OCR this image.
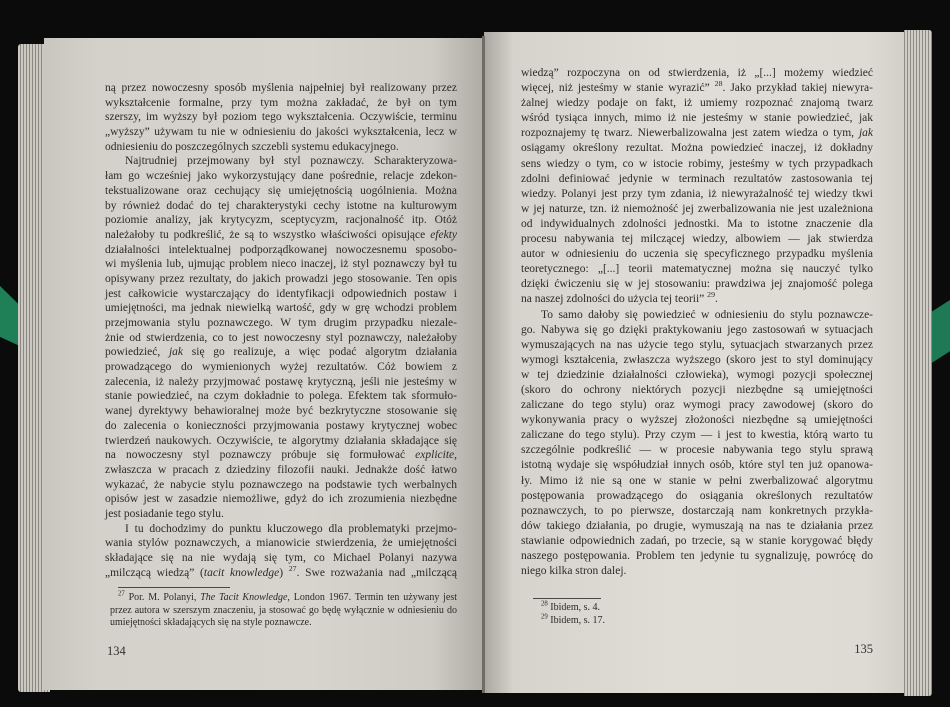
ną przez nowoczesny sposób myślenia najpełniej był realizowany przez
wykształcenie formalne, przy tym można zakładać, że był on tym
szerszy, im wyższy był poziom tego wykształcenia. Oczywiście, terminu
„wyższy” używam tu nie w odniesieniu do jakości wykształcenia, lecz w
odniesieniu do poszczególnych szczebli systemu edukacyjnego.
Najtrudniej przejmowany był styl poznawczy. Scharakteryzowa-
łam go wcześniej jako wykorzystujący dane pośrednie, relacje zdekon-
tekstualizowane oraz cechujący się umiejętnością uogólnienia. Można
by również dodać do tej charakterystyki cechy istotne na kulturowym
poziomie analizy, jak krytycyzm, sceptycyzm, racjonalność itp. Otóż
należałoby tu podkreślić, że są to wszystko właściwości opisujące efekty
działalności intelektualnej podporządkowanej nowoczesnemu sposobo-
wi myślenia lub, ujmując problem nieco inaczej, iż styl poznawczy był tu
opisywany przez rezultaty, do jakich prowadzi jego stosowanie. Ten opis
jest całkowicie wystarczający do identyfikacji odpowiednich postaw i
umiejętności, ma jednak niewielką wartość, gdy w grę wchodzi problem
przejmowania stylu poznawczego. W tym drugim przypadku niezale-
żnie od stwierdzenia, co to jest nowoczesny styl poznawczy, należałoby
powiedzieć, jak się go realizuje, a więc podać algorytm działania
prowadzącego do wymienionych wyżej rezultatów. Cóż bowiem z
zalecenia, iż należy przyjmować postawę krytyczną, jeśli nie jesteśmy w
stanie powiedzieć, na czym dokładnie to polega. Efektem tak sformuło-
wanej dyrektywy behawioralnej może być bezkrytyczne stosowanie się
do zalecenia o konieczności przyjmowania postawy krytycznej wobec
twierdzeń naukowych. Oczywiście, te algorytmy działania składające się
na nowoczesny styl poznawczy próbuje się formułować explicite,
zwłaszcza w pracach z dziedziny filozofii nauki. Jednakże dość łatwo
wykazać, że nabycie stylu poznawczego na podstawie tych werbalnych
opisów jest w zasadzie niemożliwe, gdyż do ich zrozumienia niezbędne
jest posiadanie tego stylu.
I tu dochodzimy do punktu kluczowego dla problematyki przejmo-
wania stylów poznawczych, a mianowicie stwierdzenia, że umiejętności
składające się na nie wydają się tym, co Michael Polanyi nazywa
„milczącą wiedzą” (tacit knowledge) $^{27}$. Swe rozważania nad „milczącą
$^{27}$ Por. M. Polanyi, The Tacit Knowledge, London 1967. Termin ten używany jest
przez autora w szerszym znaczeniu, ja stosować go będę wyłącznie w odniesieniu do
umiejętności składających się na style poznawcze.
134
wiedzą” rozpoczyna on od stwierdzenia, iż „[...] możemy wiedzieć
więcej, niż jesteśmy w stanie wyrazić” $^{28}$. Jako przykład takiej niewyra-
żalnej wiedzy podaje on fakt, iż umiemy rozpoznać znajomą twarz
wśród tysiąca innych, mimo iż nie jesteśmy w stanie powiedzieć, jak
rozpoznajemy tę twarz. Niewerbalizowalna jest zatem wiedza o tym, jak
osiągamy określony rezultat. Można powiedzieć inaczej, iż dokładny
sens wiedzy o tym, co w istocie robimy, jesteśmy w tych przypadkach
zdolni definiować jedynie w terminach rezultatów zastosowania tej
wiedzy. Polanyi jest przy tym zdania, iż niewyrażalność tej wiedzy tkwi
w jej naturze, tzn. iż niemożność jej zwerbalizowania nie jest uzależniona
od indywidualnych zdolności jednostki. Ma to istotne znaczenie dla
procesu nabywania tej milczącej wiedzy, albowiem — jak stwierdza
autor w odniesieniu do uczenia się specyficznego przypadku myślenia
teoretycznego: „[...] teorii matematycznej można się nauczyć tylko
dzięki ćwiczeniu się w jej stosowaniu: prawdziwa jej znajomość polega
na naszej zdolności do użycia tej teorii” $^{29}$.
To samo dałoby się powiedzieć w odniesieniu do stylu poznawcze-
go. Nabywa się go dzięki praktykowaniu jego zastosowań w sytuacjach
wymuszających na nas użycie tego stylu, sytuacjach stwarzanych przez
wymogi kształcenia, zwłaszcza wyższego (skoro jest to styl dominujący
w tej dziedzinie działalności człowieka), wymogi pozycji społecznej
(skoro do ochrony niektórych pozycji niezbędne są umiejętności
zaliczane do tego stylu) oraz wymogi pracy zawodowej (skoro do
wykonywania pracy o wyższej złożoności niezbędne są umiejętności
zaliczane do tego stylu). Przy czym — i jest to kwestia, którą warto tu
szczególnie podkreślić — w procesie nabywania tego stylu sprawą
istotną wydaje się współudział innych osób, które styl ten już opanowa-
ły. Mimo iż nie są one w stanie w pełni zwerbalizować algorytmu
postępowania prowadzącego do osiągania określonych rezultatów
poznawczych, to po pierwsze, dostarczają nam konkretnych przykła-
dów takiego działania, po drugie, wymuszają na nas te działania przez
stawianie odpowiednich zadań, po trzecie, są w stanie korygować błędy
naszego postępowania. Problem ten jedynie tu sygnalizuję, powrócę do
niego kilka stron dalej.
$^{28}$ Ibidem, s. 4.
$^{29}$ Ibidem, s. 17.
135
